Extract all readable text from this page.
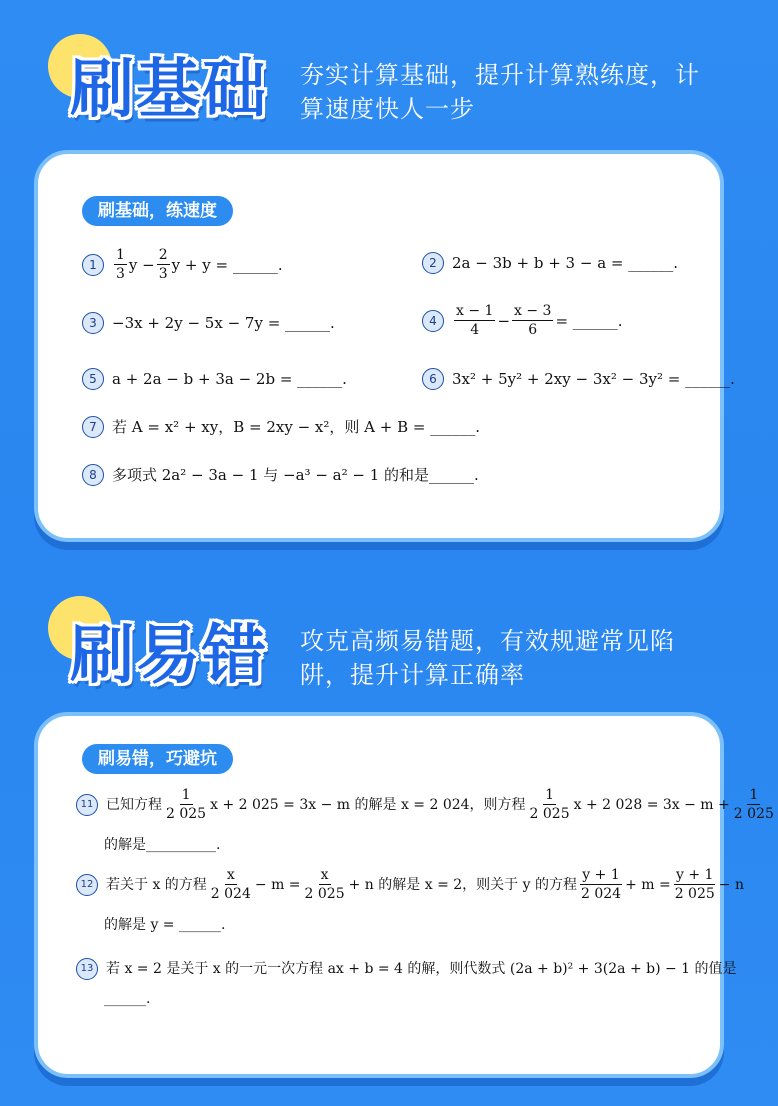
刷基础 夯实计算基础，提升计算熟练度，计算速度快人一步
刷基础，练速度
1	$\frac{1}{3}$ $y - \frac{2}{3}$ y + y = ______.	2	2a − 3b + b + 3 − a = ______.
3	−3x + 2y − 5x − 7y = ______.	4	$\frac{x - 1}{4} - \frac{x - 3}{6}$ = ______.
5	a + 2a − b + 3a − 2b = ______.	6	3x² + 5y² + 2xy − 3x² − 3y² = ______.
7	若 A = x² + xy，B = 2xy − x²，则 A + B = ______.
8	多项式 2a² − 3a − 1 与 −a³ − a² − 1 的和是______.
刷易错 攻克高频易错题，有效规避常见陷阱，提升计算正确率
刷易错，巧避坑
11 已知方程 $\frac{1}{2 025}$ x + 2 025 = 3x − m 的解是 x = 2 024，则方程 $\frac{1}{2 025}$ x + 2 $028 = 3x - m + \frac{1}{2 025}$
的解是__________.
12 若关于 x 的方程 $\frac{x}{2 024} - m = \frac{x}{2 025} + n$ 的解是 x = 2，则关于 y 的方程 $\frac{y + 1}{2 024} + m = \frac{y + 1}{2 025} - n$
的解是 y = ______.
13 若 x = 2 是关于 x 的一元一次方程 ax + b = 4 的解，则代数式 (2a + b)² + 3(2a + b) − 1 的值是
______.
